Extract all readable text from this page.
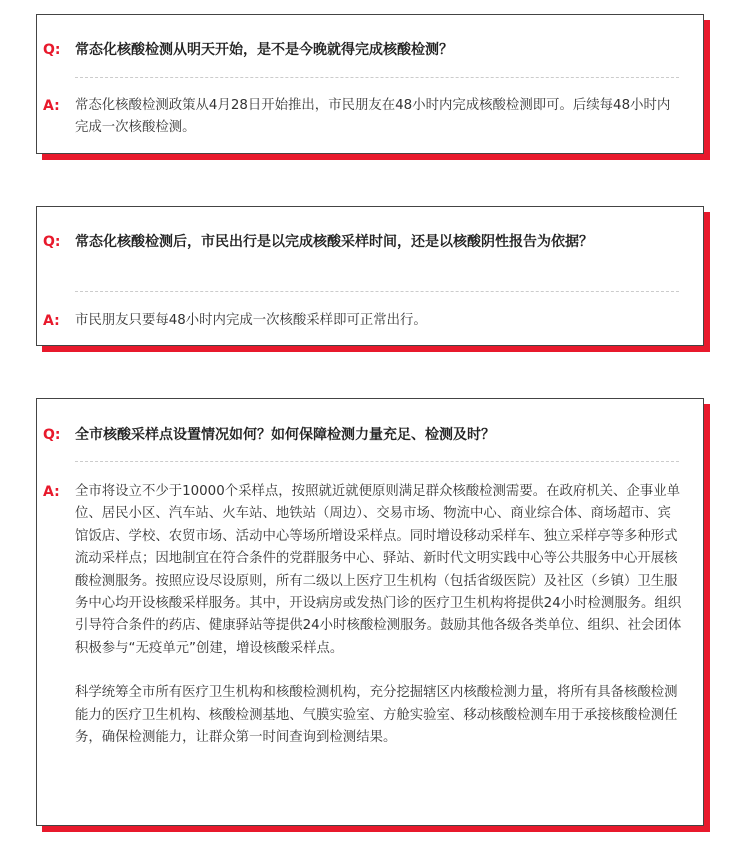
Q:	常态化核酸检测从明天开始，是不是今晚就得完成核酸检测？
A:	常态化核酸检测政策从4月28日开始推出，市民朋友在48小时内完成核酸检测即可。后续每48小时内完成一次核酸检测。

Q:	常态化核酸检测后，市民出行是以完成核酸采样时间，还是以核酸阴性报告为依据？
A:	市民朋友只要每48小时内完成一次核酸采样即可正常出行。

Q:	全市核酸采样点设置情况如何？如何保障检测力量充足、检测及时？
A:	全市将设立不少于10000个采样点，按照就近就便原则满足群众核酸检测需要。在政府机关、企事业单位、居民小区、汽车站、火车站、地铁站（周边）、交易市场、物流中心、商业综合体、商场超市、宾馆饭店、学校、农贸市场、活动中心等场所增设采样点。同时增设移动采样车、独立采样亭等多种形式流动采样点；因地制宜在符合条件的党群服务中心、驿站、新时代文明实践中心等公共服务中心开展核酸检测服务。按照应设尽设原则，所有二级以上医疗卫生机构（包括省级医院）及社区（乡镇）卫生服务中心均开设核酸采样服务。其中，开设病房或发热门诊的医疗卫生机构将提供24小时检测服务。组织引导符合条件的药店、健康驿站等提供24小时核酸检测服务。鼓励其他各级各类单位、组织、社会团体积极参与“无疫单元”创建，增设核酸采样点。

科学统筹全市所有医疗卫生机构和核酸检测机构，充分挖掘辖区内核酸检测力量，将所有具备核酸检测能力的医疗卫生机构、核酸检测基地、气膜实验室、方舱实验室、移动核酸检测车用于承接核酸检测任务，确保检测能力，让群众第一时间查询到检测结果。
